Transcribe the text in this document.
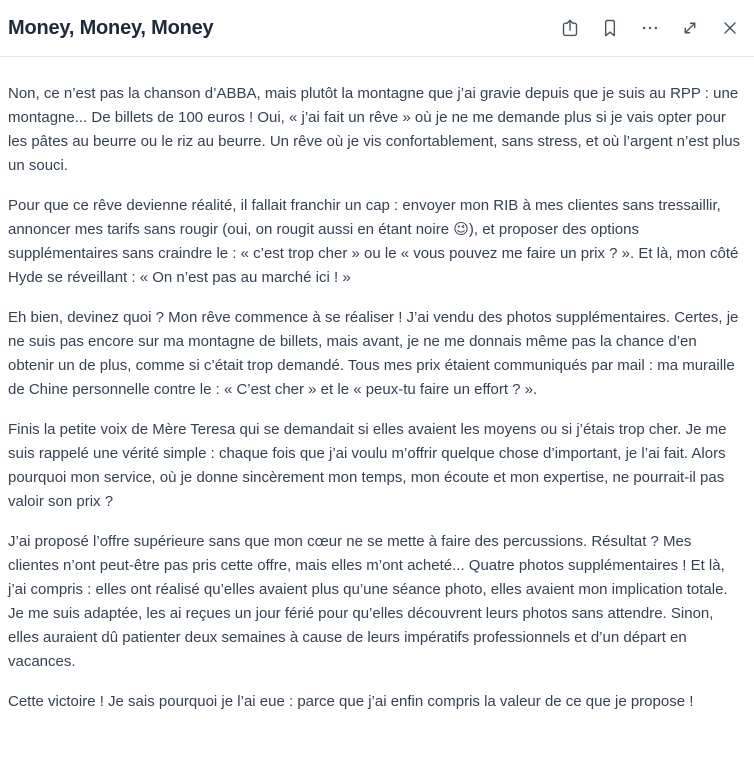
Money, Money, Money

Non, ce n’est pas la chanson d’ABBA, mais plutôt la montagne que j’ai gravie depuis que je suis au RPP : une montagne... De billets de 100 euros ! Oui, « j’ai fait un rêve » où je ne me demande plus si je vais opter pour les pâtes au beurre ou le riz au beurre. Un rêve où je vis confortablement, sans stress, et où l’argent n’est plus un souci.

Pour que ce rêve devienne réalité, il fallait franchir un cap : envoyer mon RIB à mes clientes sans tressaillir, annoncer mes tarifs sans rougir (oui, on rougit aussi en étant noire 😉), et proposer des options supplémentaires sans craindre le : « c’est trop cher » ou le « vous pouvez me faire un prix ? ». Et là, mon côté Hyde se réveillant : « On n’est pas au marché ici ! »

Eh bien, devinez quoi ? Mon rêve commence à se réaliser ! J’ai vendu des photos supplémentaires. Certes, je ne suis pas encore sur ma montagne de billets, mais avant, je ne me donnais même pas la chance d’en obtenir un de plus, comme si c’était trop demandé. Tous mes prix étaient communiqués par mail : ma muraille de Chine personnelle contre le : « C’est cher » et le « peux-tu faire un effort ? ».

Finis la petite voix de Mère Teresa qui se demandait si elles avaient les moyens ou si j’étais trop cher. Je me suis rappelé une vérité simple : chaque fois que j’ai voulu m’offrir quelque chose d’important, je l’ai fait. Alors pourquoi mon service, où je donne sincèrement mon temps, mon écoute et mon expertise, ne pourrait-il pas valoir son prix ?

J’ai proposé l’offre supérieure sans que mon cœur ne se mette à faire des percussions. Résultat ? Mes clientes n’ont peut-être pas pris cette offre, mais elles m’ont acheté... Quatre photos supplémentaires ! Et là, j’ai compris : elles ont réalisé qu’elles avaient plus qu’une séance photo, elles avaient mon implication totale. Je me suis adaptée, les ai reçues un jour férié pour qu’elles découvrent leurs photos sans attendre. Sinon, elles auraient dû patienter deux semaines à cause de leurs impératifs professionnels et d’un départ en vacances.

Cette victoire ! Je sais pourquoi je l’ai eue : parce que j’ai enfin compris la valeur de ce que je propose !
